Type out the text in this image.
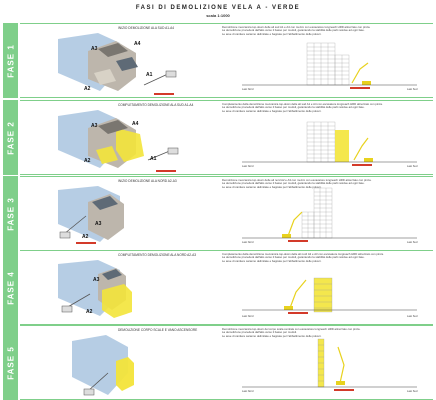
FASI DI DEMOLIZIONE VELA A - VERDE
scala 1:1000
FASE 1
INIZIO DEMOLIZIONE ALA SUD A1-A4	Demolizione meccanica top-down delle ali sud A1 e A4 con mezzo con escavatore longreach HRD attrezzato con pinza.
La demolizione procederà dall'alto verso il basso per moduli, garantendo la stabilità delle parti residue ad ogni fase.
Le aree di cantiere saranno delimitate e bagnate per l'abbattimento delle polveri.
A3
A4
A2
A1
Lato Nord	Lato Sud
FASE 2
COMPLETAMENTO DEMOLIZIONE ALA SUD A1-A4	Completamento della demolizione meccanica top-down delle ali sud A1 e A4 con escavatore longreach HRD attrezzato con pinza.
La demolizione procederà dall'alto verso il basso per moduli, garantendo la stabilità delle parti residue ad ogni fase.
Le aree di cantiere saranno delimitate e bagnate per l'abbattimento delle polveri.
A3	A4
A2	A1
Lato Nord	Lato Sud
FASE 3
INIZIO DEMOLIZIONE ALA NORD A2-A3	Demolizione meccanica top-down delle ali nord A2 e A3 con mezzo con escavatore longreach HRD attrezzato con pinza.
La demolizione procederà dall'alto verso il basso per moduli, garantendo la stabilità delle parti residue ad ogni fase.
Le aree di cantiere saranno delimitate e bagnate per l'abbattimento delle polveri.
A3
A2
Lato Nord	Lato Sud
FASE 4
COMPLETAMENTO DEMOLIZIONE ALA NORD A2-A3	Completamento della demolizione meccanica top-down delle ali nord A2 e A3 con escavatore longreach HRD attrezzato con pinza.
La demolizione procederà dall'alto verso il basso per moduli, garantendo la stabilità delle parti residue ad ogni fase.
Le aree di cantiere saranno delimitate e bagnate per l'abbattimento delle polveri.
A3
A2
Lato Nord	Lato Sud
FASE 5
DEMOLIZIONE CORPO SCALE E VANO ASCENSORE	Demolizione meccanica top-down del corpo scala centrale con escavatore longreach HRD attrezzato con pinza.
La demolizione procederà dall'alto verso il basso per moduli.
Le aree di cantiere saranno delimitate e bagnate per l'abbattimento delle polveri.
Lato Nord	Lato Sud
